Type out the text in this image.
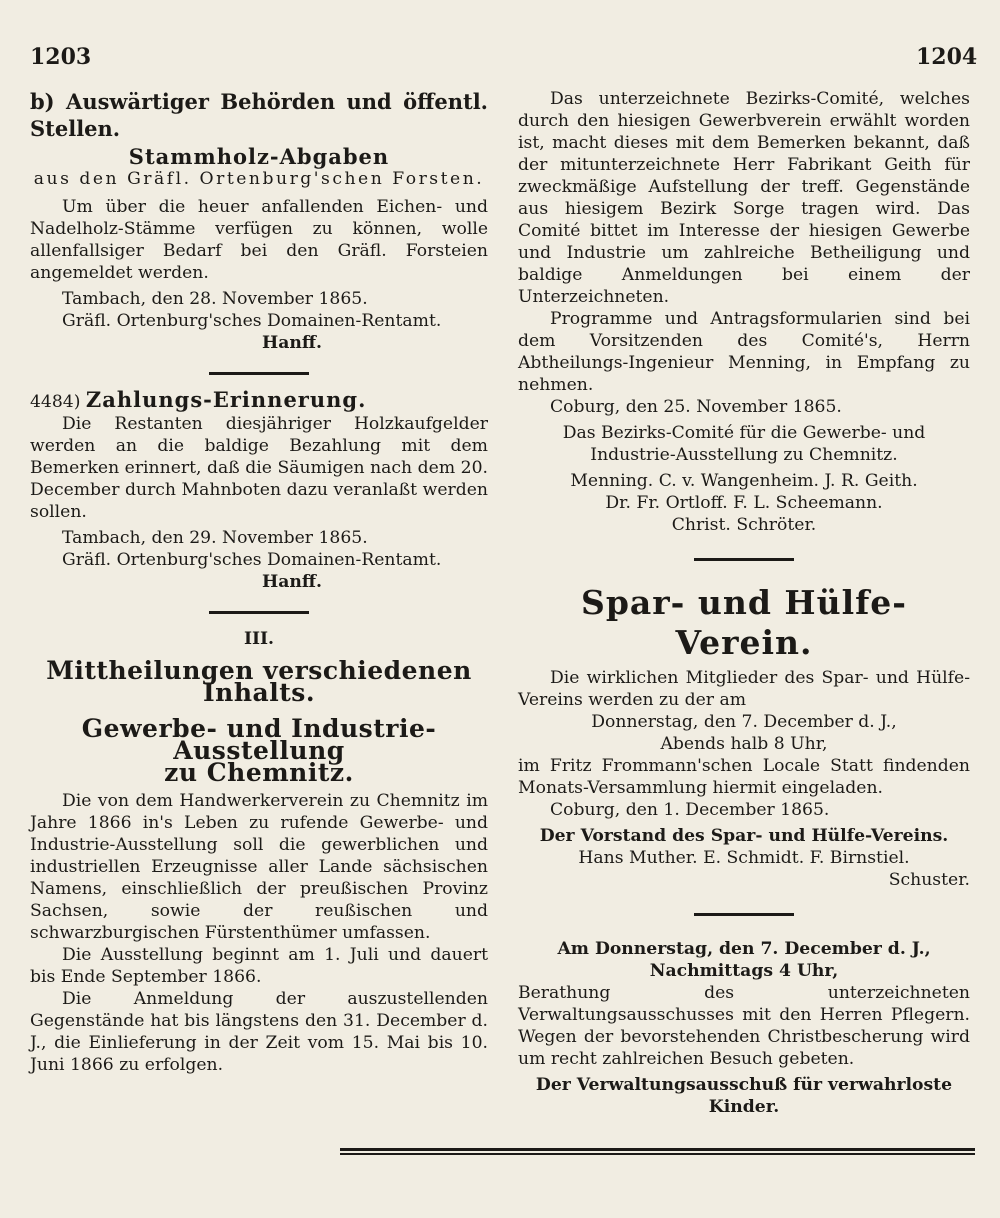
1203	1204

b) Auswärtiger Behörden und öffentl. Stellen.

Stammholz-Abgaben

aus den Gräfl. Ortenburg'schen Forsten.

Um über die heuer anfallenden Eichen- und Nadelholz-Stämme verfügen zu können, wolle allenfallsiger Bedarf bei den Gräfl. Forsteien angemeldet werden.

Tambach, den 28. November 1865.

Gräfl. Ortenburg'sches Domainen-Rentamt.

Hanff.

4484) Zahlungs-Erinnerung.

Die Restanten diesjähriger Holzkaufgelder werden an die baldige Bezahlung mit dem Bemerken erinnert, daß die Säumigen nach dem 20. December durch Mahnboten dazu veranlaßt werden sollen.

Tambach, den 29. November 1865.

Gräfl. Ortenburg'sches Domainen-Rentamt.

Hanff.

III.

Mittheilungen verschiedenen Inhalts.

Gewerbe- und Industrie-Ausstellung

zu Chemnitz.

Die von dem Handwerkerverein zu Chemnitz im Jahre 1866 in's Leben zu rufende Gewerbe- und Industrie-Ausstellung soll die gewerblichen und industriellen Erzeugnisse aller Lande sächsischen Namens, einschließlich der preußischen Provinz Sachsen, sowie der reußischen und schwarzburgischen Fürstenthümer umfassen.

Die Ausstellung beginnt am 1. Juli und dauert bis Ende September 1866.

Die Anmeldung der auszustellenden Gegenstände hat bis längstens den 31. December d. J., die Einlieferung in der Zeit vom 15. Mai bis 10. Juni 1866 zu erfolgen.

Das unterzeichnete Bezirks-Comité, welches durch den hiesigen Gewerbverein erwählt worden ist, macht dieses mit dem Bemerken bekannt, daß der mitunterzeichnete Herr Fabrikant Geith für zweckmäßige Aufstellung der treff. Gegenstände aus hiesigem Bezirk Sorge tragen wird. Das Comité bittet im Interesse der hiesigen Gewerbe und Industrie um zahlreiche Betheiligung und baldige Anmeldungen bei einem der Unterzeichneten.

Programme und Antragsformularien sind bei dem Vorsitzenden des Comité's, Herrn Abtheilungs-Ingenieur Menning, in Empfang zu nehmen.

Coburg, den 25. November 1865.

Das Bezirks-Comité für die Gewerbe- und

Industrie-Ausstellung zu Chemnitz.

Menning. C. v. Wangenheim. J. R. Geith.

Dr. Fr. Ortloff. F. L. Scheemann.

Christ. Schröter.

Spar- und Hülfe-Verein.

Die wirklichen Mitglieder des Spar- und Hülfe-Vereins werden zu der am

Donnerstag, den 7. December d. J.,

Abends halb 8 Uhr,

im Fritz Frommann'schen Locale Statt findenden Monats-Versammlung hiermit eingeladen.

Coburg, den 1. December 1865.

Der Vorstand des Spar- und Hülfe-Vereins.

Hans Muther. E. Schmidt. F. Birnstiel.

Schuster.

Am Donnerstag, den 7. December d. J.,

Nachmittags 4 Uhr,

Berathung des unterzeichneten Verwaltungsausschusses mit den Herren Pflegern. Wegen der bevorstehenden Christbescherung wird um recht zahlreichen Besuch gebeten.

Der Verwaltungsausschuß für verwahrloste

Kinder.
